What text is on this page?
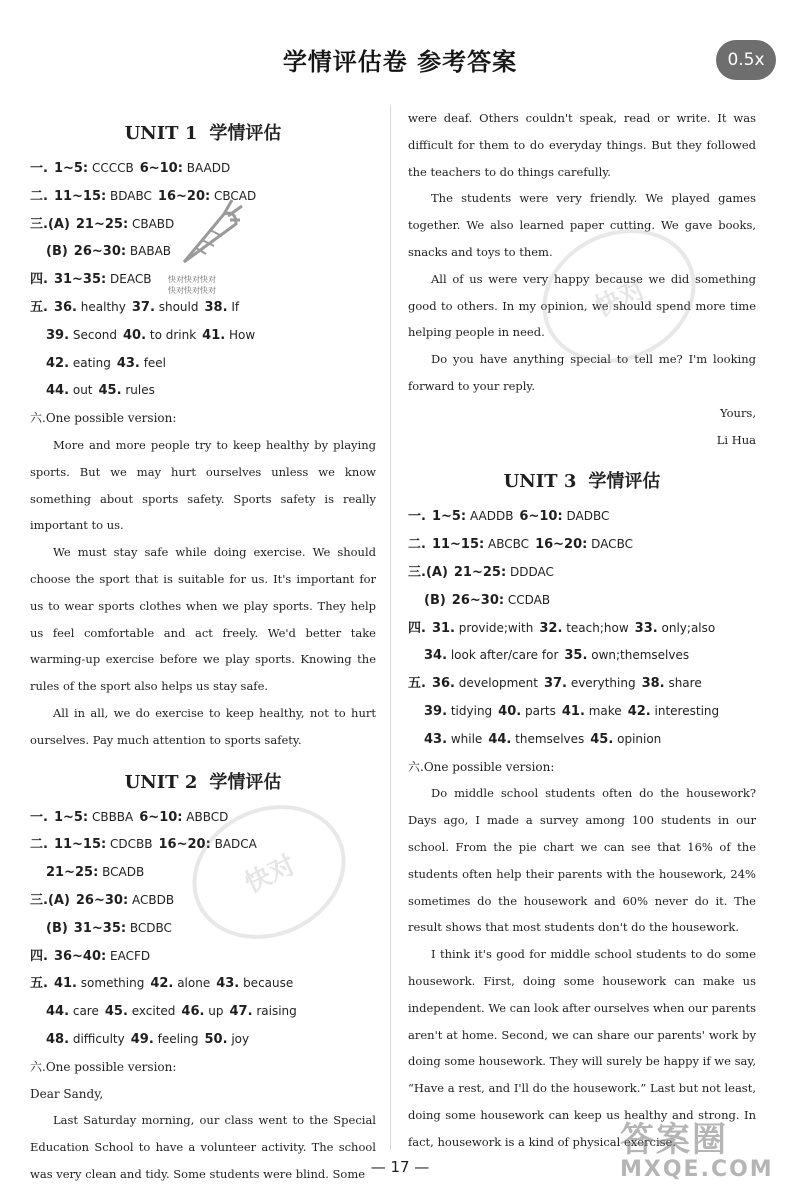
学情评估卷 参考答案	0.5x
UNIT 1 学情评估
一. 1~5: CCCCB 6~10: BAADD
二. 11~15: BDABC 16~20: CBCAD
三.(A) 21~25: CBABD
(B) 26~30: BABAB
四. 31~35: DEACB
五. 36. healthy 37. should 38. If
39. Second 40. to drink 41. How
42. eating 43. feel
44. out 45. rules
六.One possible version:
More and more people try to keep healthy by playing sports. But we may hurt ourselves unless we know something about sports safety. Sports safety is really important to us.
We must stay safe while doing exercise. We should choose the sport that is suitable for us. It's important for us to wear sports clothes when we play sports. They help us feel comfortable and act freely. We'd better take warming-up exercise before we play sports. Knowing the rules of the sport also helps us stay safe.
All in all, we do exercise to keep healthy, not to hurt ourselves. Pay much attention to sports safety.
UNIT 2 学情评估
一. 1~5: CBBBA 6~10: ABBCD
二. 11~15: CDCBB 16~20: BADCA
21~25: BCADB
三.(A) 26~30: ACBDB
(B) 31~35: BCDBC
四. 36~40: EACFD
五. 41. something 42. alone 43. because
44. care 45. excited 46. up 47. raising
48. difficulty 49. feeling 50. joy
六.One possible version:
Dear Sandy,
Last Saturday morning, our class went to the Special Education School to have a volunteer activity. The school was very clean and tidy. Some students were blind. Some
were deaf. Others couldn't speak, read or write. It was difficult for them to do everyday things. But they followed the teachers to do things carefully.
The students were very friendly. We played games together. We also learned paper cutting. We gave books, snacks and toys to them.
All of us were very happy because we did something good to others. In my opinion, we should spend more time helping people in need.
Do you have anything special to tell me? I'm looking forward to your reply.
Yours,
Li Hua
UNIT 3 学情评估
一. 1~5: AADDB 6~10: DADBC
二. 11~15: ABCBC 16~20: DACBC
三.(A) 21~25: DDDAC
(B) 26~30: CCDAB
四. 31. provide;with 32. teach;how 33. only;also
34. look after/care for 35. own;themselves
五. 36. development 37. everything 38. share
39. tidying 40. parts 41. make 42. interesting
43. while 44. themselves 45. opinion
六.One possible version:
Do middle school students often do the housework? Days ago, I made a survey among 100 students in our school. From the pie chart we can see that 16% of the students often help their parents with the housework, 24% sometimes do the housework and 60% never do it. The result shows that most students don't do the housework.
I think it's good for middle school students to do some housework. First, doing some housework can make us independent. We can look after ourselves when our parents aren't at home. Second, we can share our parents' work by doing some housework. They will surely be happy if we say, “Have a rest, and I'll do the housework.” Last but not least, doing some housework can keep us healthy and strong. In fact, housework is a kind of physical exercise.
快对快对快对
快对快对快对	快对
快对
— 17 —
答案圈
MXQE.COM
